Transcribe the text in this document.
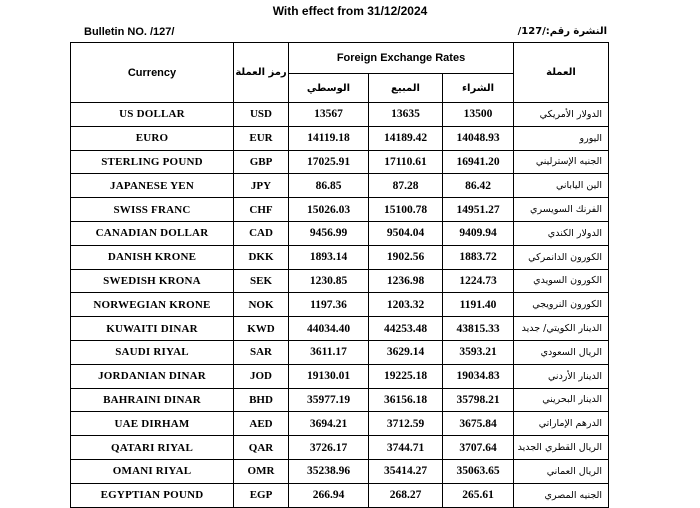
With effect from 31/12/2024
Bulletin NO. /127/	النشرة رقم:/127/
Currency	رمز العملة	Foreign Exchange Rates			العملة
		الوسطي	المبيع	الشراء	
US DOLLAR	USD	13567	13635	13500	الدولار الأمريكي
EURO	EUR	14119.18	14189.42	14048.93	اليورو
STERLING POUND	GBP	17025.91	17110.61	16941.20	الجنيه الإسترليني
JAPANESE YEN	JPY	86.85	87.28	86.42	الين الياباني
SWISS FRANC	CHF	15026.03	15100.78	14951.27	الفرنك السويسري
CANADIAN DOLLAR	CAD	9456.99	9504.04	9409.94	الدولار الكندي
DANISH KRONE	DKK	1893.14	1902.56	1883.72	الكورون الدانمركي
SWEDISH KRONA	SEK	1230.85	1236.98	1224.73	الكورون السويدي
NORWEGIAN KRONE	NOK	1197.36	1203.32	1191.40	الكورون النرويجي
KUWAITI DINAR	KWD	44034.40	44253.48	43815.33	الدينار الكويتي/ جديد
SAUDI RIYAL	SAR	3611.17	3629.14	3593.21	الريال السعودي
JORDANIAN DINAR	JOD	19130.01	19225.18	19034.83	الدينار الأردني
BAHRAINI DINAR	BHD	35977.19	36156.18	35798.21	الدينار البحريني
UAE DIRHAM	AED	3694.21	3712.59	3675.84	الدرهم الإماراتي
QATARI RIYAL	QAR	3726.17	3744.71	3707.64	الريال القطري الجديد
OMANI RIYAL	OMR	35238.96	35414.27	35063.65	الريال العماني
EGYPTIAN POUND	EGP	266.94	268.27	265.61	الجنيه المصري
